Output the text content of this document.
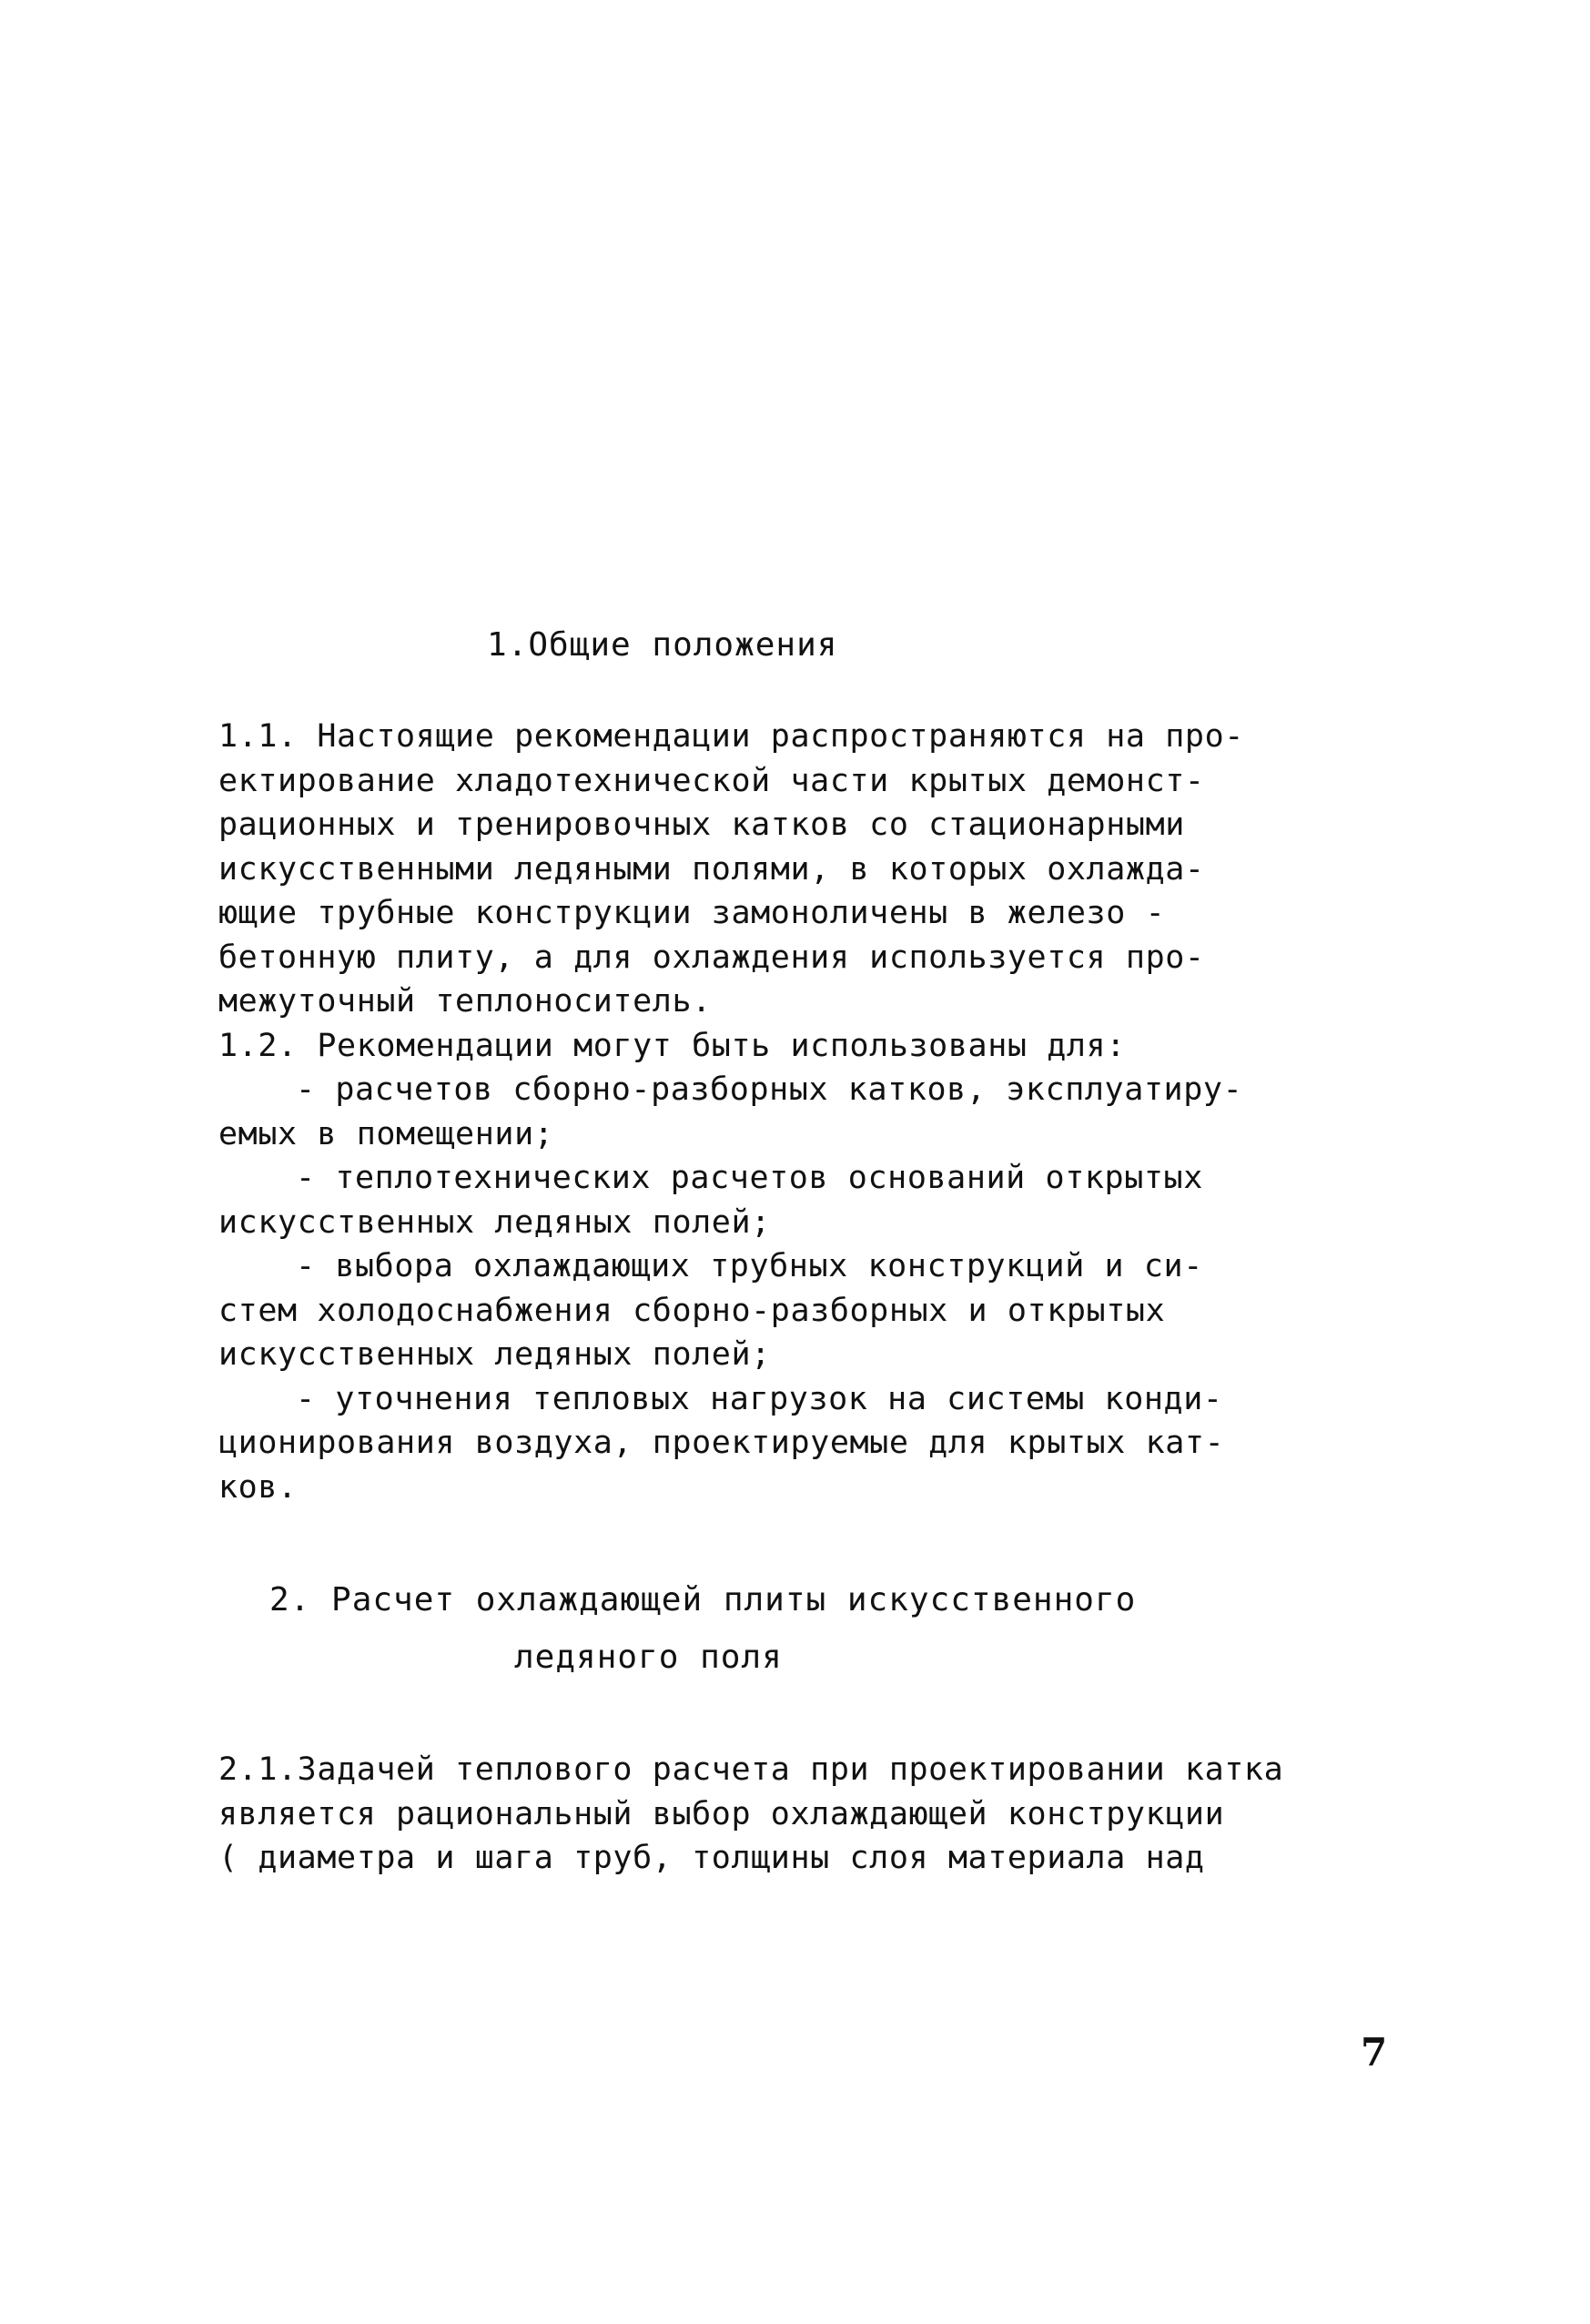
1.Общие положения
1.1. Настоящие рекомендации распространяются на про-
ектирование хладотехнической части крытых демонст-
рационных и тренировочных катков со стационарными
искусственными ледяными полями, в которых охлажда-
ющие трубные конструкции замоноличены в железо -
бетонную плиту, а для охлаждения используется про-
межуточный теплоноситель.
1.2. Рекомендации могут быть использованы для:
- расчетов сборно-разборных катков, эксплуатиру-
емых в помещении;
- теплотехнических расчетов оснований открытых
искусственных ледяных полей;
- выбора охлаждающих трубных конструкций и си-
стем холодоснабжения сборно-разборных и открытых
искусственных ледяных полей;
- уточнения тепловых нагрузок на системы конди-
ционирования воздуха, проектируемые для крытых кат-
ков.
2. Расчет охлаждающей плиты искусственного
ледяного поля
2.1.Задачей теплового расчета при проектировании катка
является рациональный выбор охлаждающей конструкции
( диаметра и шага труб, толщины слоя материала над

7
